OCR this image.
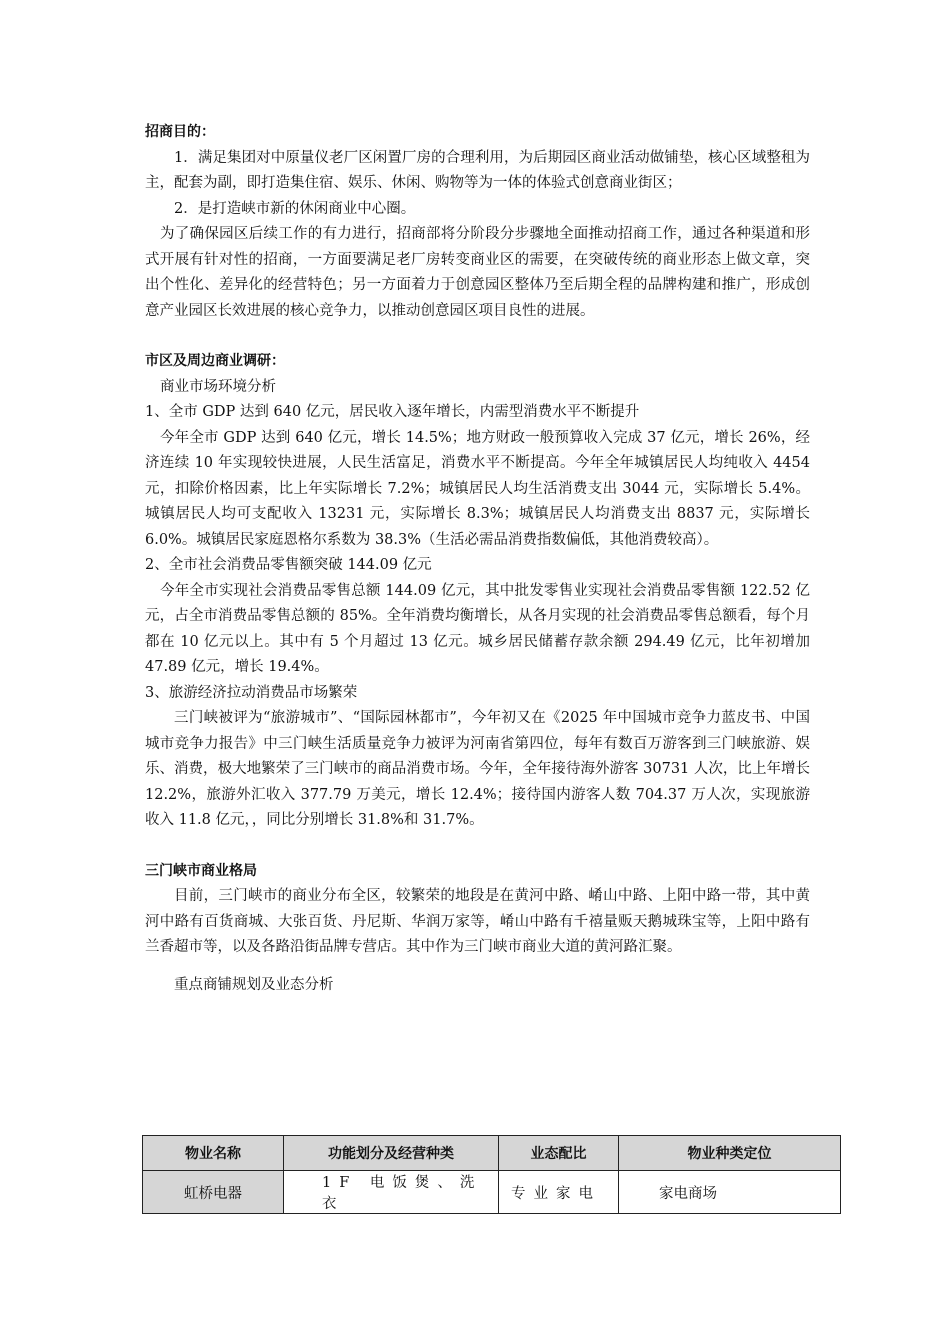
招商目的：

1．满足集团对中原量仪老厂区闲置厂房的合理利用，为后期园区商业活动做铺垫，核心区域整租为主，配套为副，即打造集住宿、娱乐、休闲、购物等为一体的体验式创意商业街区；

2．是打造峡市新的休闲商业中心圈。

为了确保园区后续工作的有力进行，招商部将分阶段分步骤地全面推动招商工作，通过各种渠道和形式开展有针对性的招商，一方面要满足老厂房转变商业区的需要，在突破传统的商业形态上做文章，突出个性化、差异化的经营特色；另一方面着力于创意园区整体乃至后期全程的品牌构建和推广，形成创意产业园区长效进展的核心竞争力，以推动创意园区项目良性的进展。

市区及周边商业调研：

商业市场环境分析

1、全市 GDP 达到 640 亿元，居民收入逐年增长，内需型消费水平不断提升

今年全市 GDP 达到 640 亿元，增长 14.5%；地方财政一般预算收入完成 37 亿元，增长 26%，经济连续 10 年实现较快进展，人民生活富足，消费水平不断提高。今年全年城镇居民人均纯收入 4454 元，扣除价格因素，比上年实际增长 7.2%；城镇居民人均生活消费支出 3044 元，实际增长 5.4%。城镇居民人均可支配收入 13231 元，实际增长 8.3%；城镇居民人均消费支出 8837 元，实际增长 6.0%。城镇居民家庭恩格尔系数为 38.3%（生活必需品消费指数偏低，其他消费较高）。

2、全市社会消费品零售额突破 144.09 亿元

今年全市实现社会消费品零售总额 144.09 亿元，其中批发零售业实现社会消费品零售额 122.52 亿元，占全市消费品零售总额的 85%。全年消费均衡增长，从各月实现的社会消费品零售总额看，每个月都在 10 亿元以上。其中有 5 个月超过 13 亿元。城乡居民储蓄存款余额 294.49 亿元，比年初增加 47.89 亿元，增长 19.4%。

3、旅游经济拉动消费品市场繁荣

三门峡被评为“旅游城市”、“国际园林都市”，今年初又在《2025 年中国城市竞争力蓝皮书、中国城市竞争力报告》中三门峡生活质量竞争力被评为河南省第四位，每年有数百万游客到三门峡旅游、娱乐、消费，极大地繁荣了三门峡市的商品消费市场。今年，全年接待海外游客 30731 人次，比上年增长 12.2%，旅游外汇收入 377.79 万美元，增长 12.4%；接待国内游客人数 704.37 万人次，实现旅游收入 11.8 亿元，，同比分别增长 31.8%和 31.7%。

三门峡市商业格局

目前，三门峡市的商业分布全区，较繁荣的地段是在黄河中路、崤山中路、上阳中路一带，其中黄河中路有百货商城、大张百货、丹尼斯、华润万家等，崤山中路有千禧量贩天鹅城珠宝等，上阳中路有兰香超市等，以及各路沿街品牌专营店。其中作为三门峡市商业大道的黄河路汇聚。

重点商铺规划及业态分析

物业名称	功能划分及经营种类	业态配比	物业种类定位
虹桥电器	1F 电饭煲、洗衣	专业家电	家电商场
